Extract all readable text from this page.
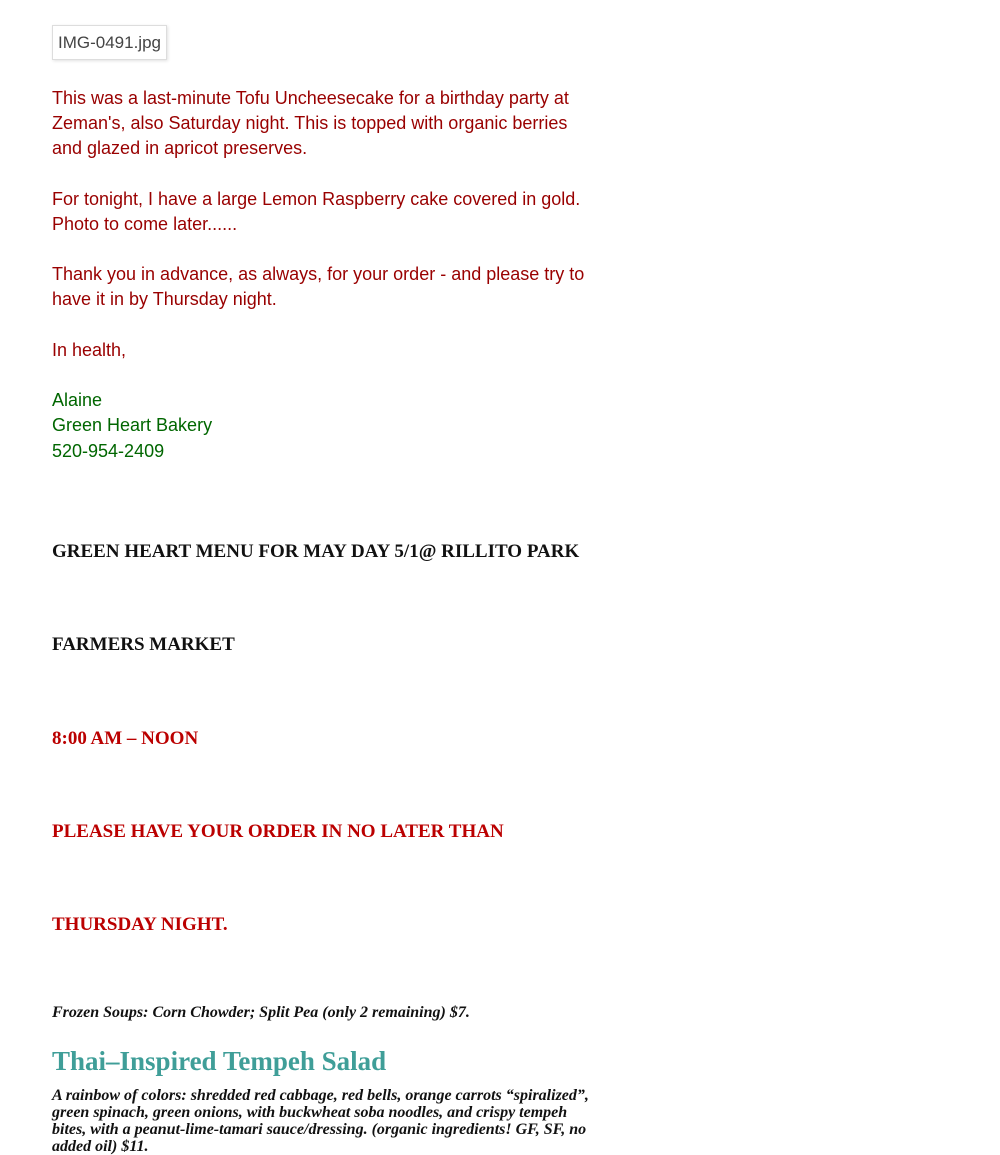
IMG-0491.jpg

This was a last-minute Tofu Uncheesecake for a birthday party at Zeman's, also Saturday night. This is topped with organic berries and glazed in apricot preserves.

For tonight, I have a large Lemon Raspberry cake covered in gold. Photo to come later......

Thank you in advance, as always, for your order - and please try to have it in by Thursday night.

In health,

Alaine

Green Heart Bakery

520-954-2409

GREEN HEART MENU FOR MAY DAY 5/1@ RILLITO PARK

FARMERS MARKET

8:00 AM – NOON

PLEASE HAVE YOUR ORDER IN NO LATER THAN

THURSDAY NIGHT.

Frozen Soups: Corn Chowder; Split Pea (only 2 remaining) $7.

Thai–Inspired Tempeh Salad

A rainbow of colors: shredded red cabbage, red bells, orange carrots “spiralized”, green spinach, green onions, with buckwheat soba noodles, and crispy tempeh bites, with a peanut-lime-tamari sauce/dressing. (organic ingredients! GF, SF, no added oil) $11.
